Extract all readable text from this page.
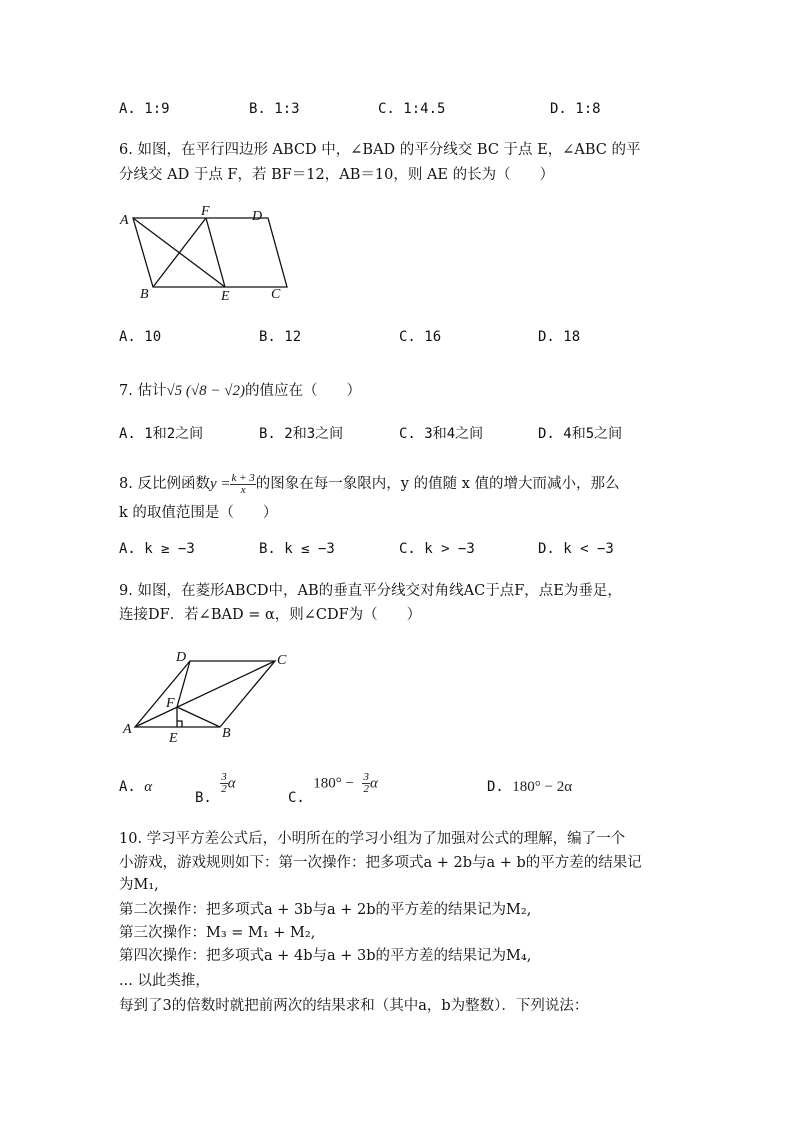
A. 1:9	B. 1:3	C. 1:4.5	D. 1:8
6. 如图，在平行四边形 ABCD 中，∠BAD 的平分线交 BC 于点 E，∠ABC 的平
分线交 AD 于点 F，若 BF＝12，AB＝10，则 AE 的长为（　　）
A
F	D
B	E	C
A. 10	B. 12	C. 16	D. 18
7. 估计√5 (√8 − √2)的值应在（　　）
A. 1和2之间	B. 2和3之间	C. 3和4之间	D. 4和5之间
8. 反比例函数$y = \frac{k + 3}{x}$ 的图象在每一象限内，y 的值随 x 值的增大而减小，那么
k 的取值范围是（　　）
A. k ≥ −3	B. k ≤ −3	C. k > −3	D. k < −3
9. 如图，在菱形ABCD中，AB的垂直平分线交对角线AC于点F，点E为垂足，
连接DF．若∠BAD = α，则∠CDF为（　　）
A	B
C
D
E
F
A. α
B.
$\frac{3}{2}$ α
C. $180^\circ - \frac{3}{2}$ α	D. 180° − 2α
10. 学习平方差公式后，小明所在的学习小组为了加强对公式的理解，编了一个
小游戏，游戏规则如下：第一次操作：把多项式a + 2b与a + b的平方差的结果记
为M₁,
第二次操作：把多项式a + 3b与a + 2b的平方差的结果记为M₂,
第三次操作：M₃ = M₁ + M₂,
第四次操作：把多项式a + 4b与a + 3b的平方差的结果记为M₄,
... 以此类推，
每到了3的倍数时就把前两次的结果求和（其中a，b为整数）．下列说法：
